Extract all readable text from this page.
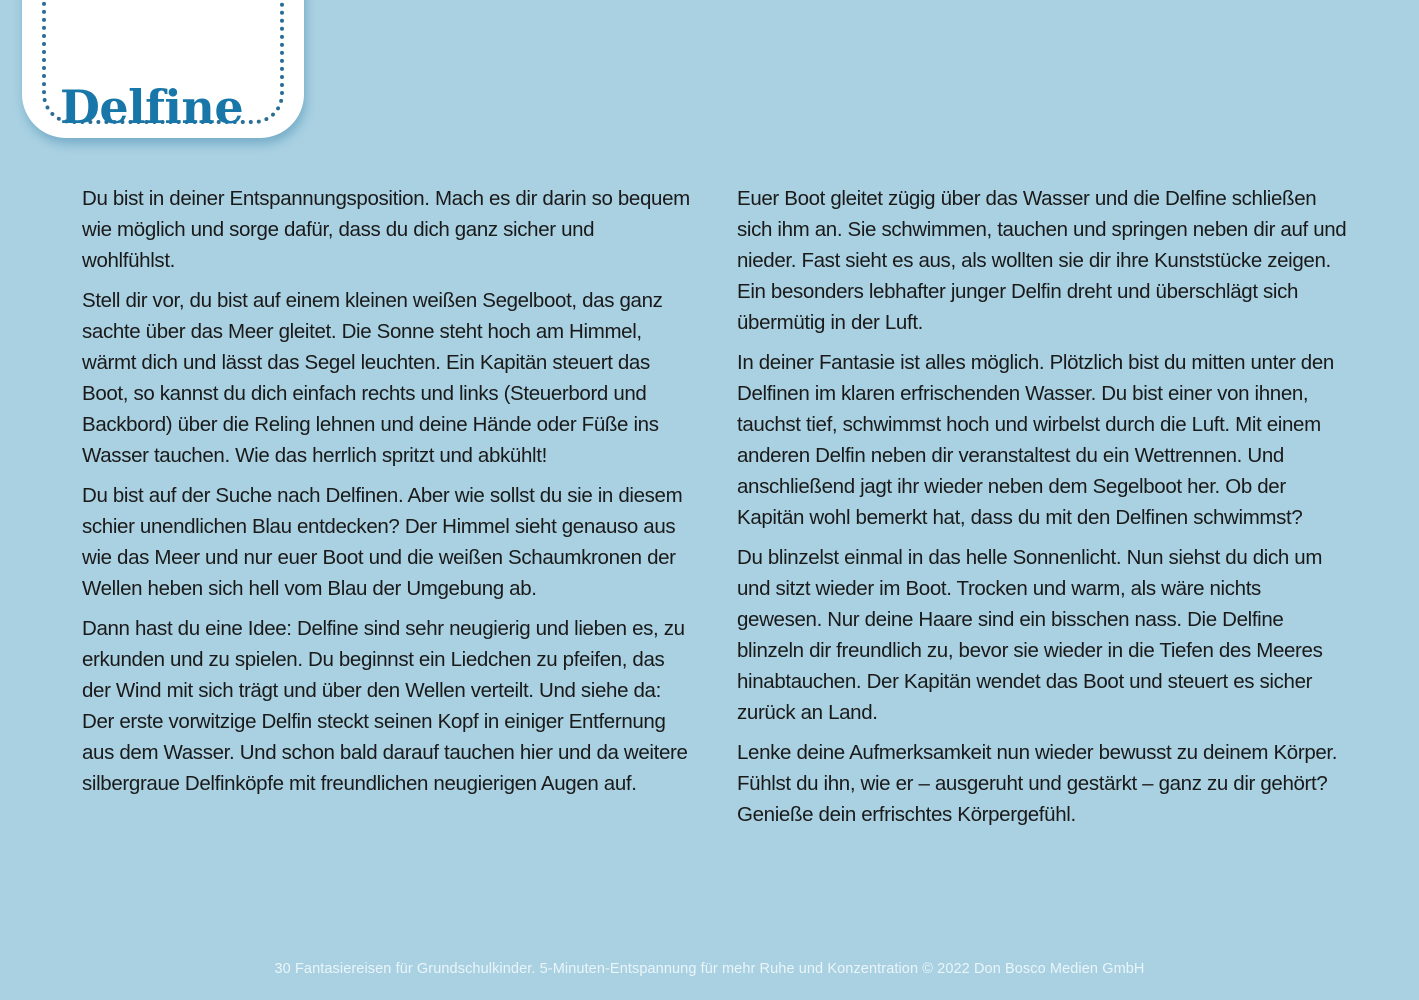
Delfine

Du bist in deiner Entspannungsposition. Mach es dir darin so bequem wie möglich und sorge dafür, dass du dich ganz sicher und wohlfühlst.

Stell dir vor, du bist auf einem kleinen weißen Segelboot, das ganz sachte über das Meer gleitet. Die Sonne steht hoch am Himmel, wärmt dich und lässt das Segel leuchten. Ein Kapitän steuert das Boot, so kannst du dich einfach rechts und links (Steuerbord und Backbord) über die Reling lehnen und deine Hände oder Füße ins Wasser tauchen. Wie das herrlich spritzt und abkühlt!

Du bist auf der Suche nach Delfinen. Aber wie sollst du sie in diesem schier unendlichen Blau entdecken? Der Himmel sieht genauso aus wie das Meer und nur euer Boot und die weißen Schaumkronen der Wellen heben sich hell vom Blau der Umgebung ab.

Dann hast du eine Idee: Delfine sind sehr neugierig und lieben es, zu erkunden und zu spielen. Du beginnst ein Liedchen zu pfeifen, das der Wind mit sich trägt und über den Wellen verteilt. Und siehe da: Der erste vorwitzige Delfin steckt seinen Kopf in einiger Entfernung aus dem Wasser. Und schon bald darauf tauchen hier und da weitere silbergraue Delfinköpfe mit freundlichen neugierigen Augen auf.

Euer Boot gleitet zügig über das Wasser und die Delfine schließen sich ihm an. Sie schwimmen, tauchen und springen neben dir auf und nieder. Fast sieht es aus, als wollten sie dir ihre Kunststücke zeigen. Ein besonders lebhafter junger Delfin dreht und überschlägt sich übermütig in der Luft.

In deiner Fantasie ist alles möglich. Plötzlich bist du mitten unter den Delfinen im klaren erfrischenden Wasser. Du bist einer von ihnen, tauchst tief, schwimmst hoch und wirbelst durch die Luft. Mit einem anderen Delfin neben dir veranstaltest du ein Wettrennen. Und anschließend jagt ihr wieder neben dem Segelboot her. Ob der Kapitän wohl bemerkt hat, dass du mit den Delfinen schwimmst?

Du blinzelst einmal in das helle Sonnenlicht. Nun siehst du dich um und sitzt wieder im Boot. Trocken und warm, als wäre nichts gewesen. Nur deine Haare sind ein bisschen nass. Die Delfine blinzeln dir freundlich zu, bevor sie wieder in die Tiefen des Meeres hinabtauchen. Der Kapitän wendet das Boot und steuert es sicher zurück an Land.

Lenke deine Aufmerksamkeit nun wieder bewusst zu deinem Körper. Fühlst du ihn, wie er – ausgeruht und gestärkt – ganz zu dir gehört? Genieße dein erfrischtes Körpergefühl.

30 Fantasiereisen für Grundschulkinder. 5-Minuten-Entspannung für mehr Ruhe und Konzentration © 2022 Don Bosco Medien GmbH
